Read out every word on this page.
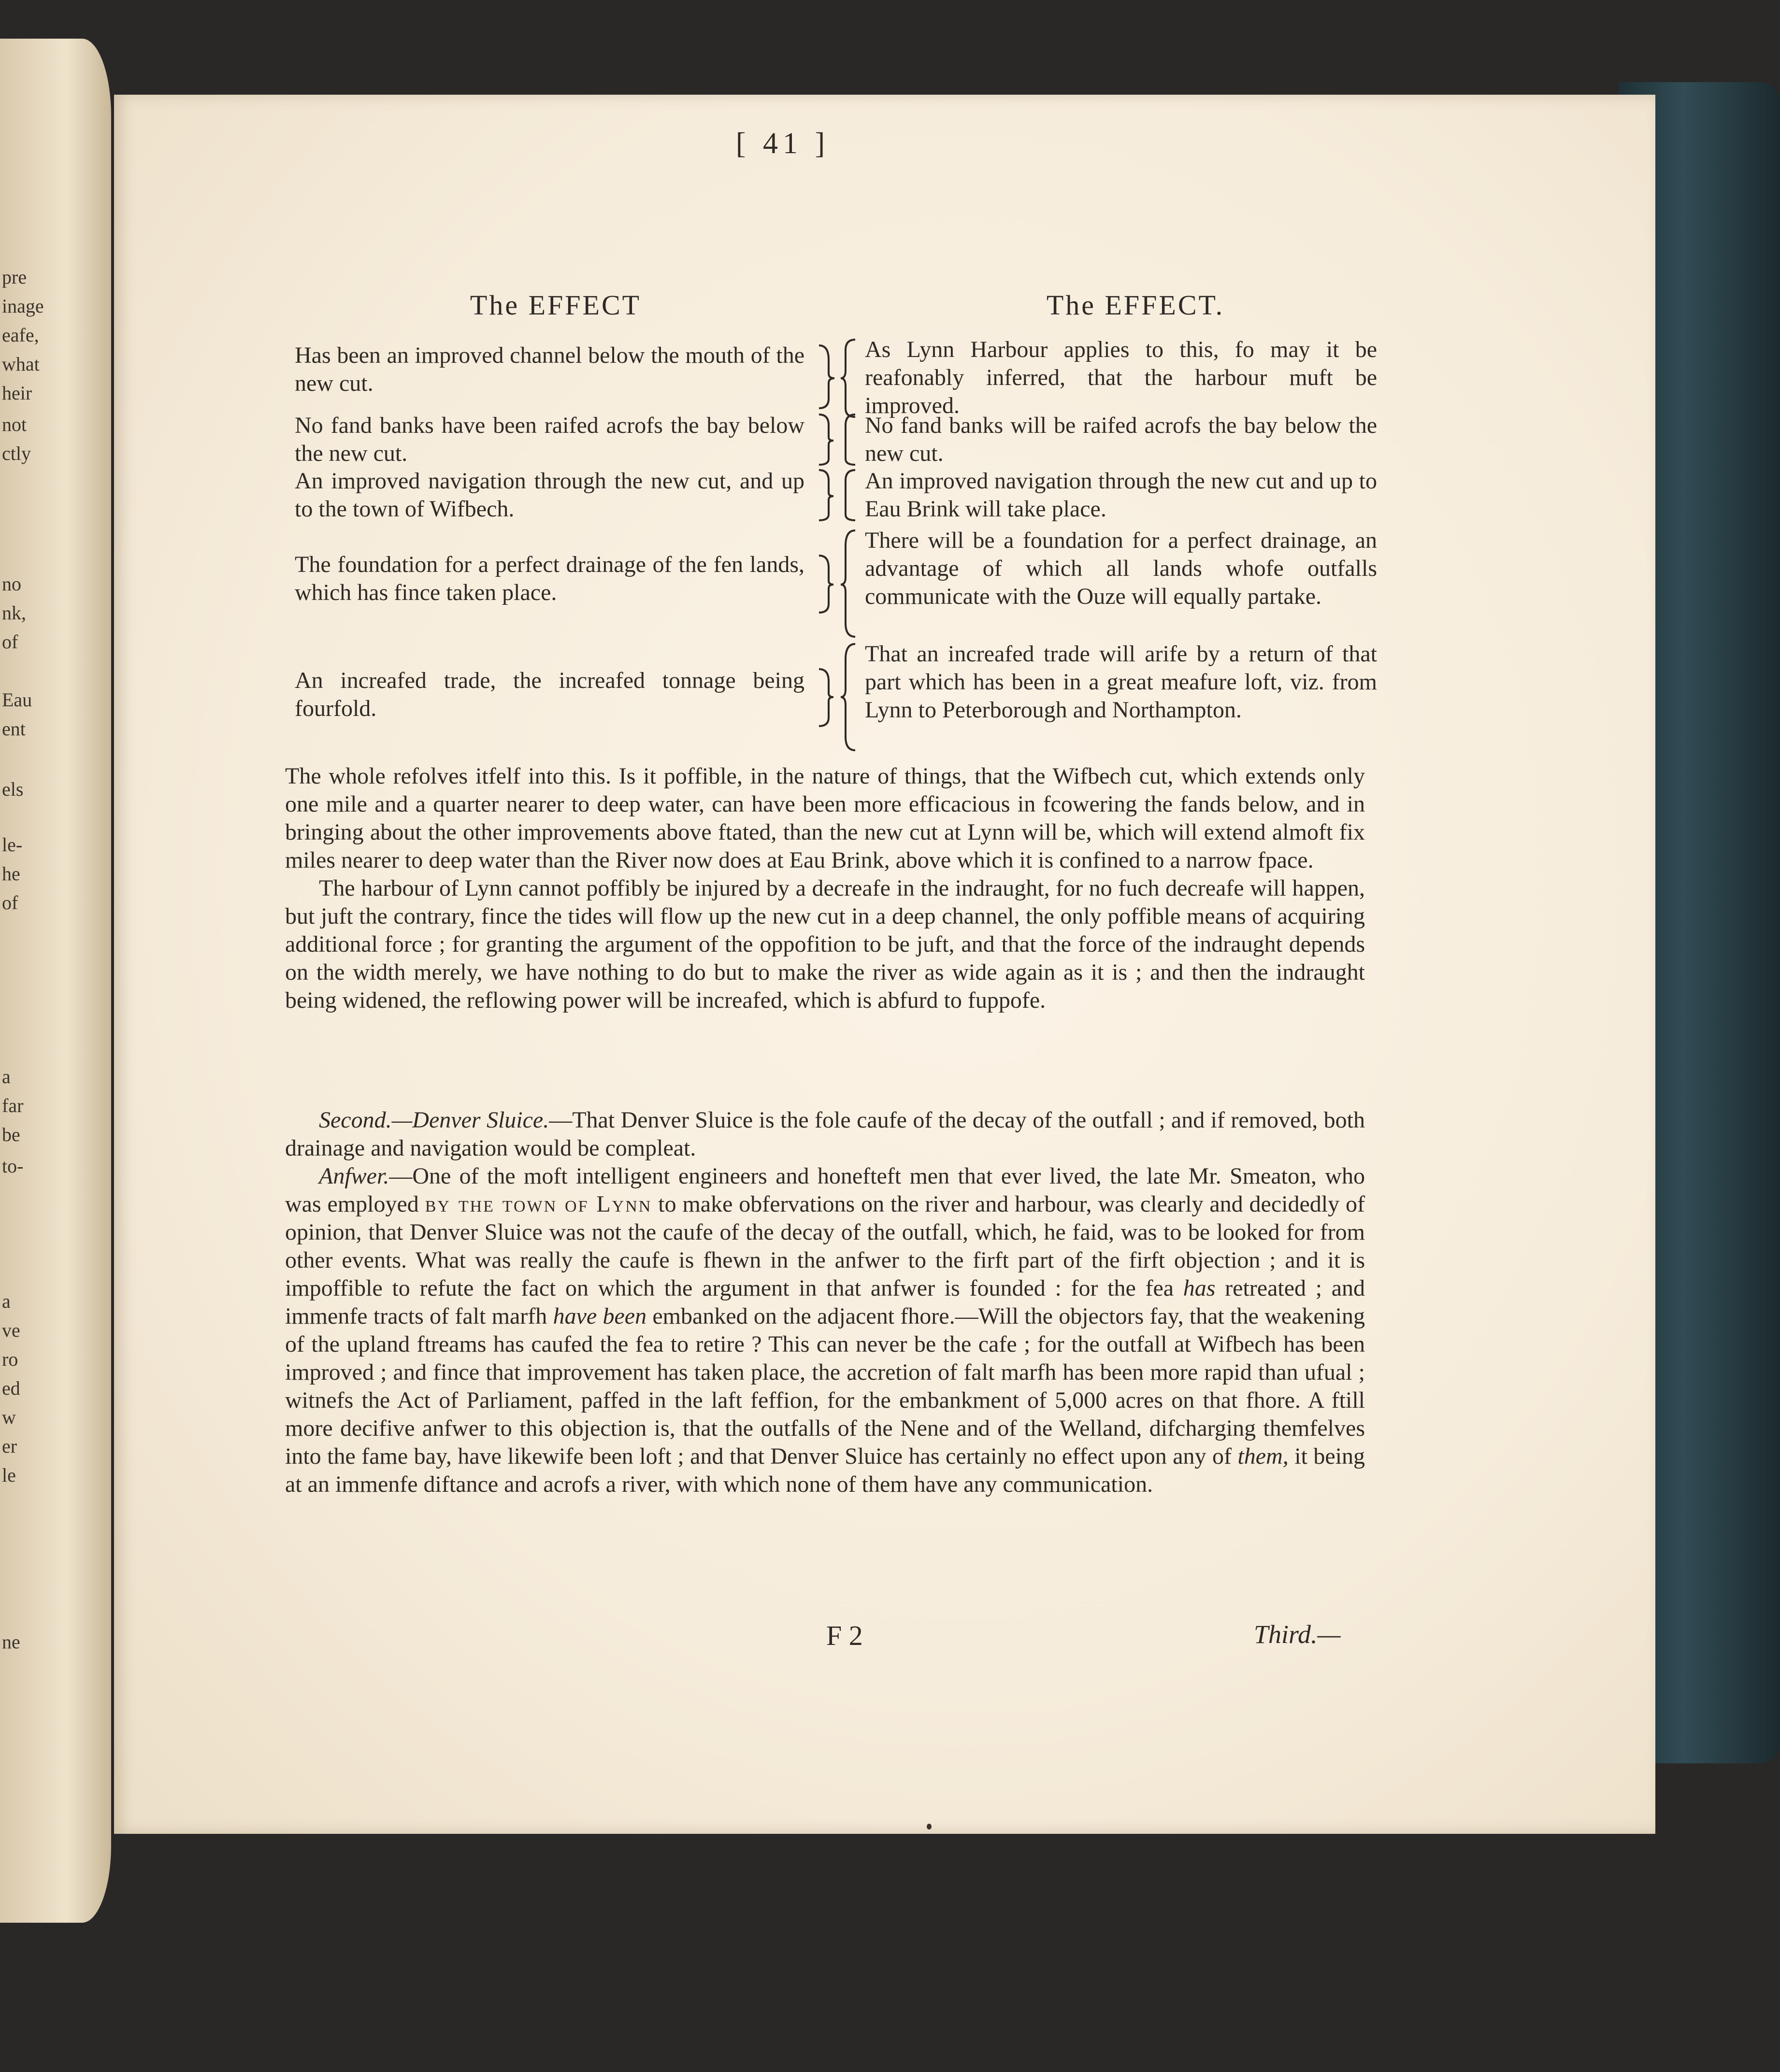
pre
inage
eafe,
what
heir
not
ctly
no
nk,
of
Eau
ent
els
le-
he
of
a
far
be
to-
a
ve
ro
ed
w
er
le
ne
[ 41 ]
The EFFECT	The EFFECT.
Has been an improved channel below the mouth of the new cut.
As Lynn Harbour applies to this, fo may it be reafonably inferred, that the harbour muft be improved.
No fand banks have been raifed acrofs the bay below the new cut.
No fand banks will be raifed acrofs the bay below the new cut.
An improved navigation through the new cut, and up to the town of Wifbech.
An improved navigation through the new cut and up to Eau Brink will take place.
The foundation for a perfect drainage of the fen lands, which has fince taken place.
There will be a foundation for a perfect drainage, an advantage of which all lands whofe outfalls communicate with the Ouze will equally partake.
An increafed trade, the increafed tonnage being fourfold.
That an increafed trade will arife by a return of that part which has been in a great meafure loft, viz. from Lynn to Peterborough and Northampton.

The whole refolves itfelf into this. Is it poffible, in the nature of things, that the Wifbech cut, which extends only one mile and a quarter nearer to deep water, can have been more efficacious in fcowering the fands below, and in bringing about the other improvements above ftated, than the new cut at Lynn will be, which will extend almoft fix miles nearer to deep water than the River now does at Eau Brink, above which it is confined to a narrow fpace.

The harbour of Lynn cannot poffibly be injured by a decreafe in the indraught, for no fuch decreafe will happen, but juft the contrary, fince the tides will flow up the new cut in a deep channel, the only poffible means of acquiring additional force ; for granting the argument of the oppofition to be juft, and that the force of the indraught depends on the width merely, we have nothing to do but to make the river as wide again as it is ; and then the indraught being widened, the reflowing power will be increafed, which is abfurd to fuppofe.

Second.—Denver Sluice.—That Denver Sluice is the fole caufe of the decay of the outfall ; and if removed, both drainage and navigation would be compleat.

Anfwer.—One of the moft intelligent engineers and honefteft men that ever lived, the late Mr. Smeaton, who was employed by the town of Lynn to make obfervations on the river and harbour, was clearly and decidedly of opinion, that Denver Sluice was not the caufe of the decay of the outfall, which, he faid, was to be looked for from other events. What was really the caufe is fhewn in the anfwer to the firft part of the firft objection ; and it is impoffible to refute the fact on which the argument in that anfwer is founded : for the fea has retreated ; and immenfe tracts of falt marfh have been embanked on the adjacent fhore.—Will the objectors fay, that the weakening of the upland ftreams has caufed the fea to retire ? This can never be the cafe ; for the outfall at Wifbech has been improved ; and fince that improvement has taken place, the accretion of falt marfh has been more rapid than ufual ; witnefs the Act of Parliament, paffed in the laft feffion, for the embankment of 5,000 acres on that fhore. A ftill more decifive anfwer to this objection is, that the outfalls of the Nene and of the Welland, difcharging themfelves into the fame bay, have likewife been loft ; and that Denver Sluice has certainly no effect upon any of them, it being at an immenfe diftance and acrofs a river, with which none of them have any communication.

F 2	Third.—
